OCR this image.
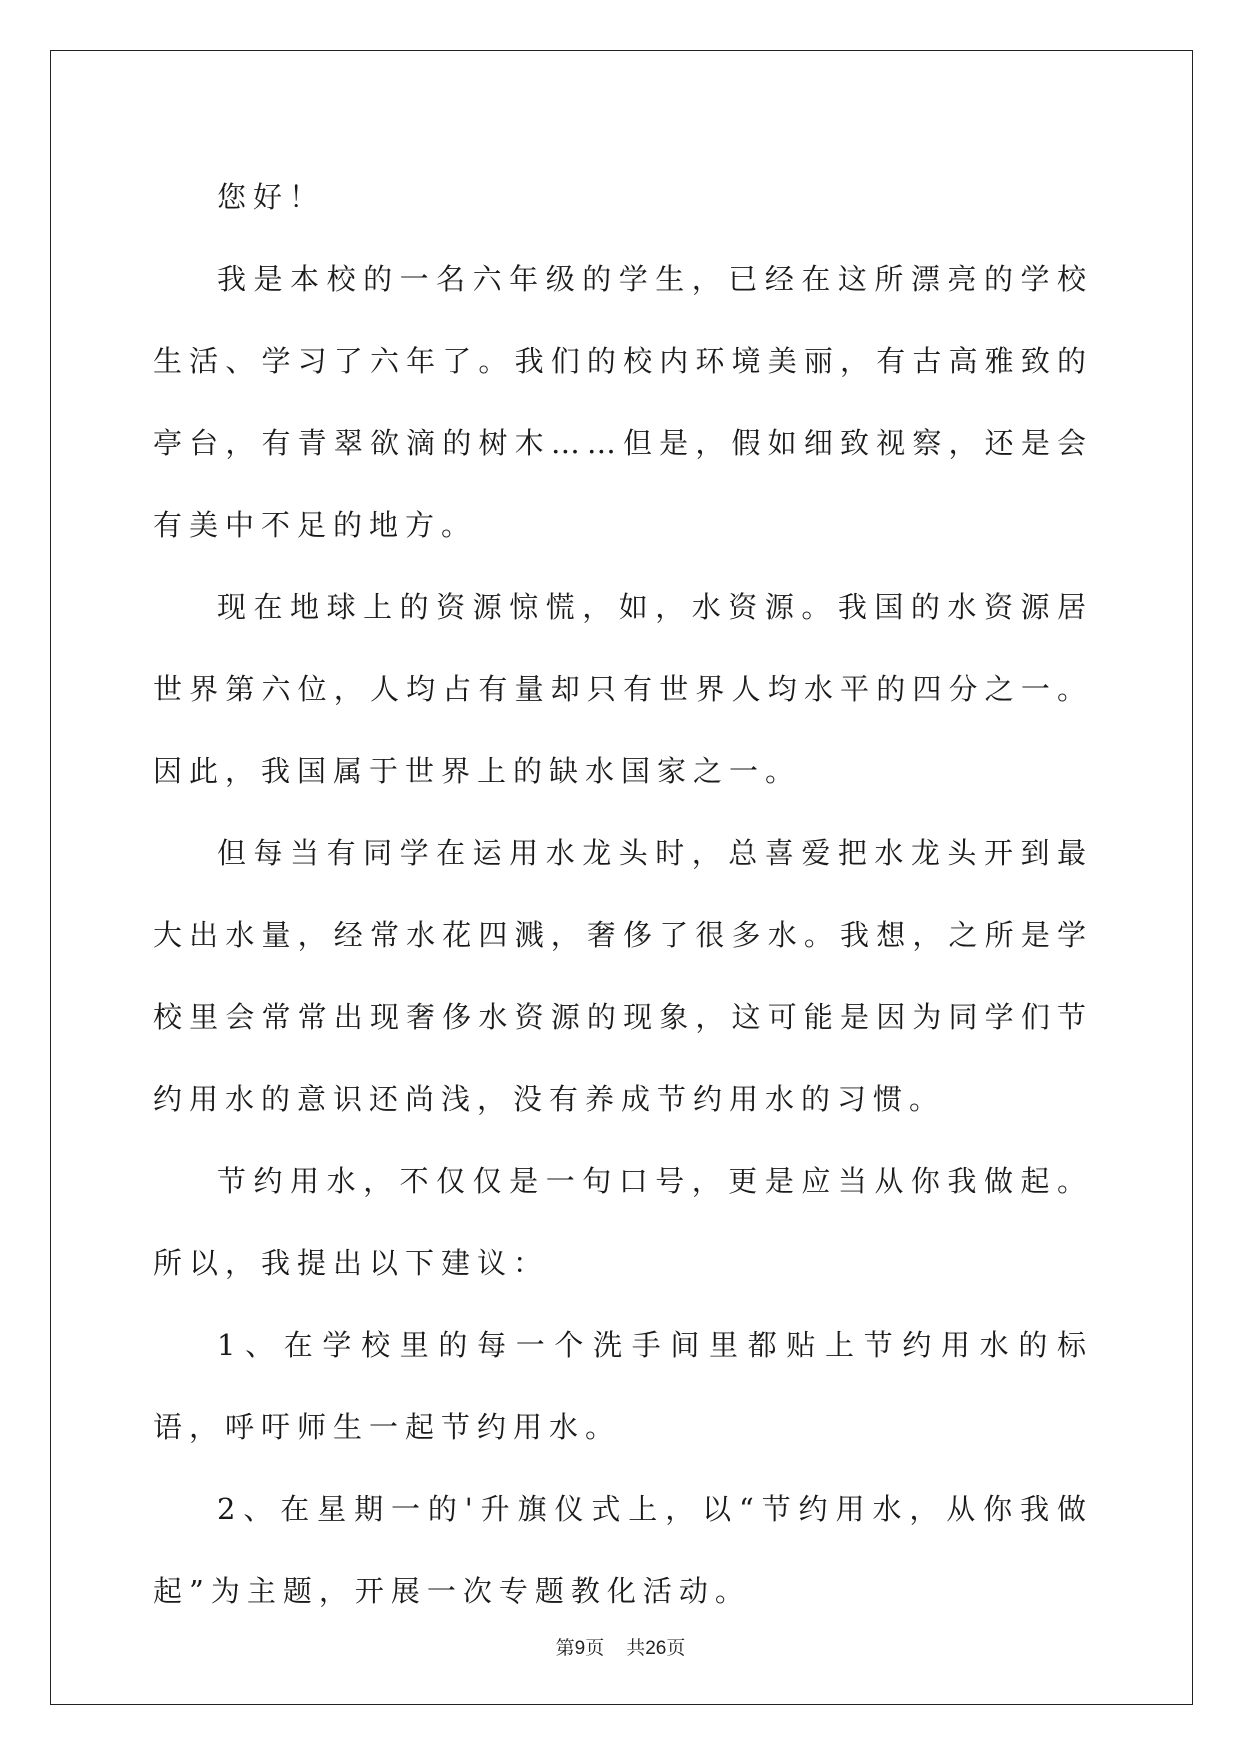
您好！

我是本校的一名六年级的学生，已经在这所漂亮的学校生活、学习了六年了。我们的校内环境美丽，有古高雅致的亭台，有青翠欲滴的树木……但是，假如细致视察，还是会有美中不足的地方。

现在地球上的资源惊慌，如，水资源。我国的水资源居世界第六位，人均占有量却只有世界人均水平的四分之一。因此，我国属于世界上的缺水国家之一。

但每当有同学在运用水龙头时，总喜爱把水龙头开到最大出水量，经常水花四溅，奢侈了很多水。我想，之所是学校里会常常出现奢侈水资源的现象，这可能是因为同学们节约用水的意识还尚浅，没有养成节约用水的习惯。

节约用水，不仅仅是一句口号，更是应当从你我做起。所以，我提出以下建议：

1、在学校里的每一个洗手间里都贴上节约用水的标语，呼吁师生一起节约用水。

2、在星期一的'升旗仪式上，以“节约用水，从你我做起”为主题，开展一次专题教化活动。

第9页 共26页
